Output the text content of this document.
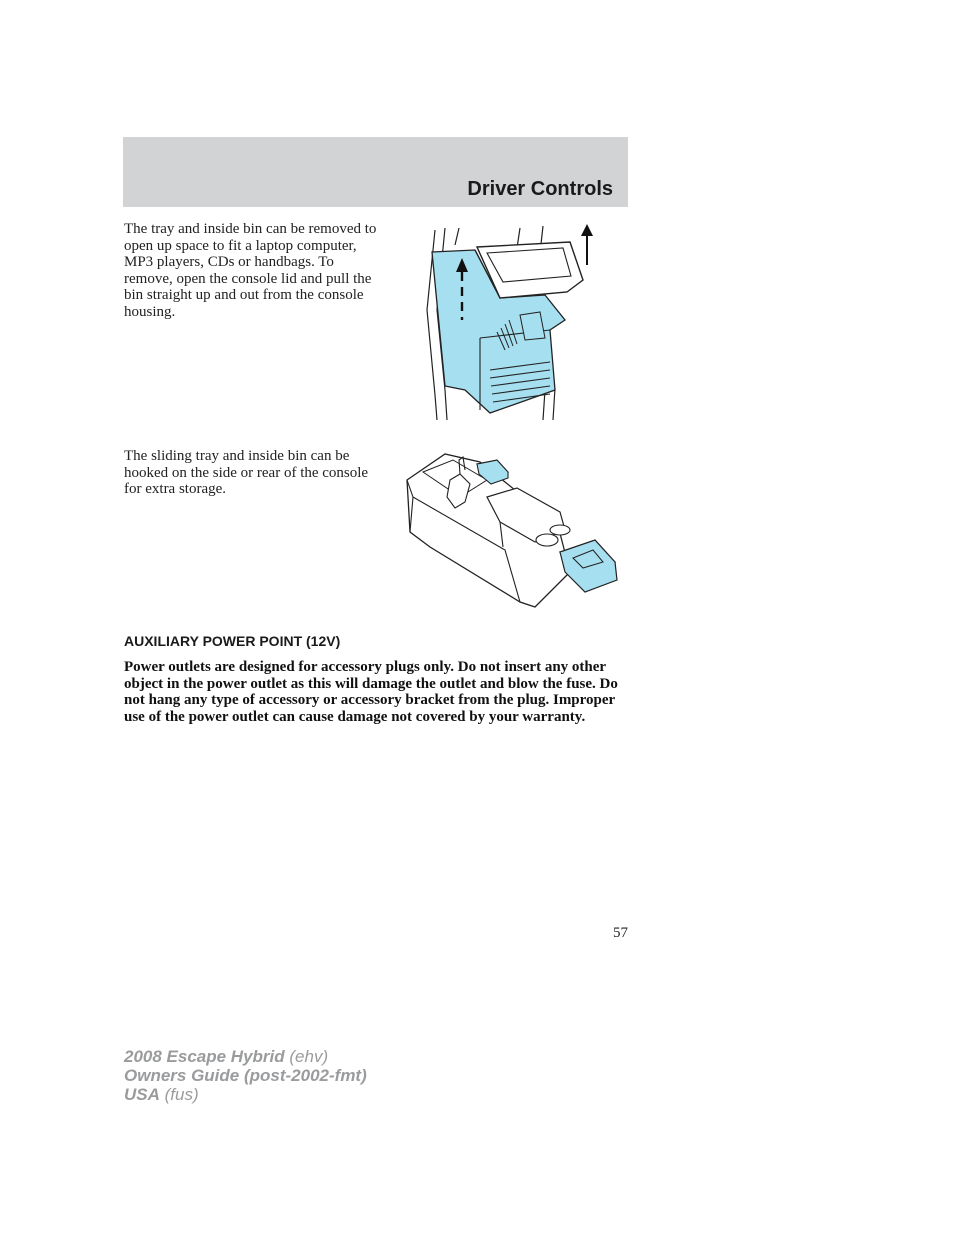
Driver Controls

The tray and inside bin can be removed to open up space to fit a laptop computer, MP3 players, CDs or handbags. To remove, open the console lid and pull the bin straight up and out from the console housing.

The sliding tray and inside bin can be hooked on the side or rear of the console for extra storage.

AUXILIARY POWER POINT (12V)

Power outlets are designed for accessory plugs only. Do not insert any other object in the power outlet as this will damage the outlet and blow the fuse. Do not hang any type of accessory or accessory bracket from the plug. Improper use of the power outlet can cause damage not covered by your warranty.

57

2008 Escape Hybrid (ehv)
Owners Guide (post-2002-fmt)
USA (fus)
